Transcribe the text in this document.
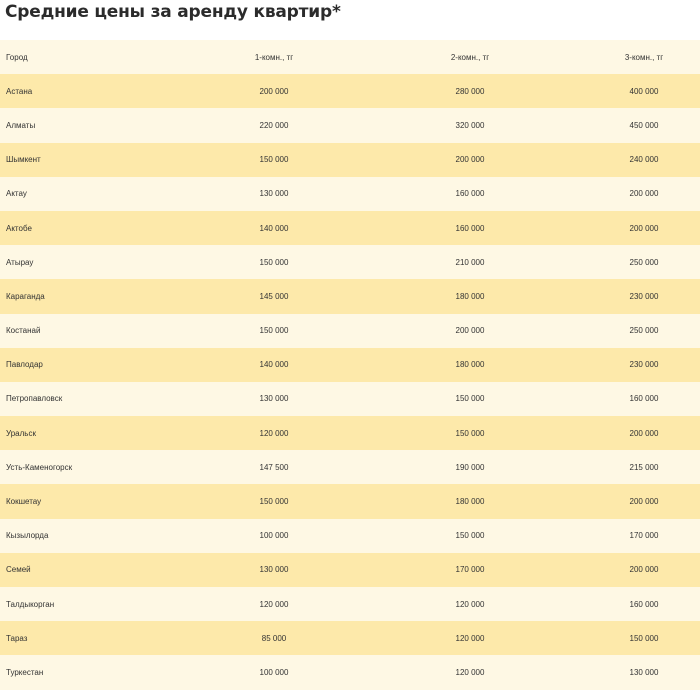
Средние цены за аренду квартир*
Город	1-комн., тг	2-комн., тг	3-комн., тг
Астана	200 000	280 000	400 000
Алматы	220 000	320 000	450 000
Шымкент	150 000	200 000	240 000
Актау	130 000	160 000	200 000
Актобе	140 000	160 000	200 000
Атырау	150 000	210 000	250 000
Караганда	145 000	180 000	230 000
Костанай	150 000	200 000	250 000
Павлодар	140 000	180 000	230 000
Петропавловск	130 000	150 000	160 000
Уральск	120 000	150 000	200 000
Усть-Каменогорск	147 500	190 000	215 000
Кокшетау	150 000	180 000	200 000
Кызылорда	100 000	150 000	170 000
Семей	130 000	170 000	200 000
Талдыкорган	120 000	120 000	160 000
Тараз	85 000	120 000	150 000
Туркестан	100 000	120 000	130 000
